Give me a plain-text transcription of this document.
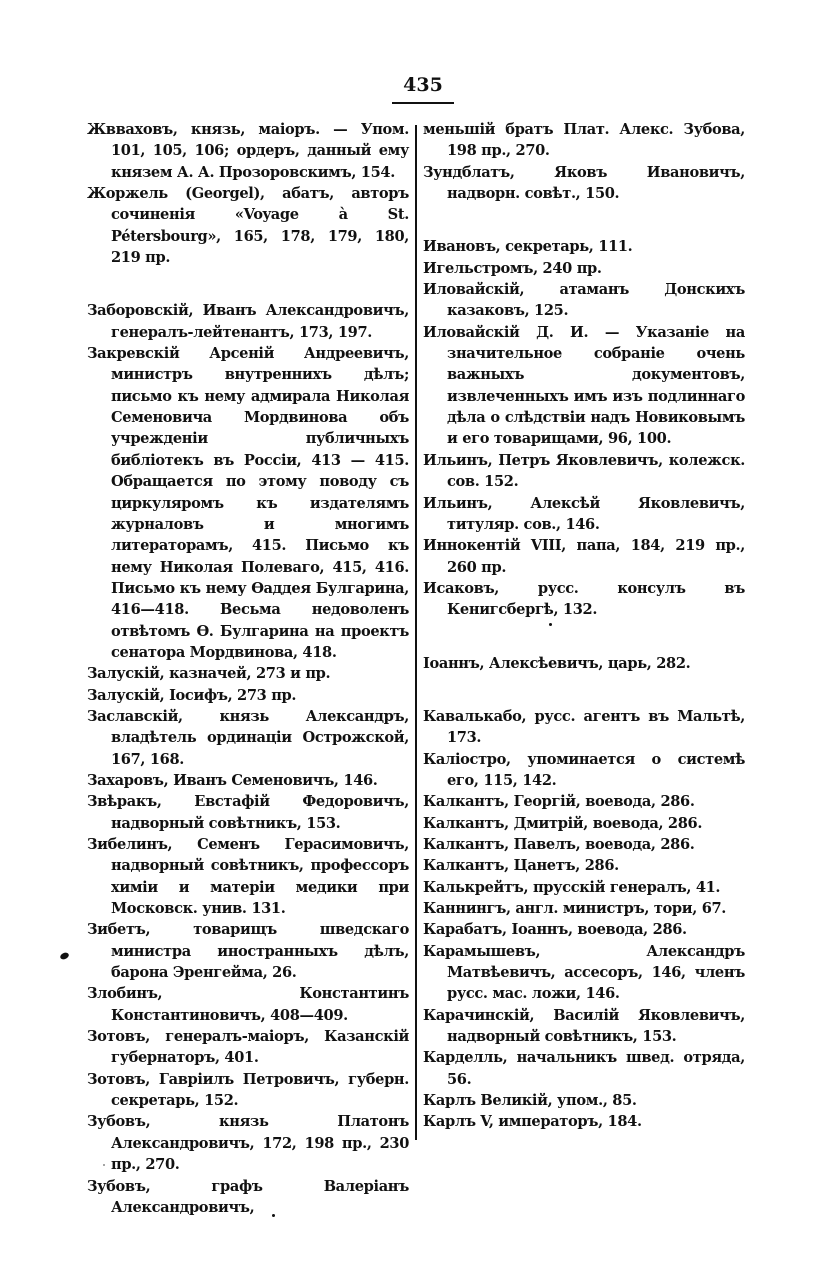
435
Жвваховъ, князь, маіоръ. — Упом. 101, 105, 106; ордеръ, данный ему князем А. А. Прозоровскимъ, 154.
Жоржель (Georgel), абатъ, авторъ сочиненія «Voyage à St. Pétersbourg», 165, 178, 179, 180, 219 пр.
Заборовскій, Иванъ Александровичъ, генералъ-лейтенантъ, 173, 197.
Закревскій Арсеній Андреевичъ, министръ внутреннихъ дѣлъ; письмо къ нему адмирала Николая Семеновича Мордвинова объ учрежденіи публичныхъ библіотекъ въ Россіи, 413 — 415. Обращается по этому поводу съ циркуляромъ къ издателямъ журналовъ и многимъ литераторамъ, 415. Письмо къ нему Николая Полеваго, 415, 416. Письмо къ нему Ѳаддея Булгарина, 416—418. Весьма недоволенъ отвѣтомъ Ѳ. Булгарина на проектъ сенатора Мордвинова, 418.
Залускій, казначей, 273 и пр.
Залускій, Іосифъ, 273 пр.
Заславскій, князь Александръ, владѣтель ординаціи Острожской, 167, 168.
Захаровъ, Иванъ Семеновичъ, 146.
Звѣракъ, Евстафій Федоровичъ, надворный совѣтникъ, 153.
Зибелинъ, Семенъ Герасимовичъ, надворный совѣтникъ, профессоръ химіи и матеріи медики при Московск. унив. 131.
Зибетъ, товарищъ шведскаго министра иностранныхъ дѣлъ, барона Эренгейма, 26.
Злобинъ, Константинъ Константиновичъ, 408—409.
Зотовъ, генералъ-маіоръ, Казанскій губернаторъ, 401.
Зотовъ, Гавріилъ Петровичъ, губерн. секретарь, 152.
Зубовъ, князь Платонъ Александровичъ, 172, 198 пр., 230 пр., 270.
Зубовъ, графъ Валеріанъ Александровичъ,
меньшій братъ Плат. Алекс. Зубова, 198 пр., 270.
Зундблатъ, Яковъ Ивановичъ, надворн. совѣт., 150.
Ивановъ, секретарь, 111.
Игельстромъ, 240 пр.
Иловайскій, атаманъ Донскихъ казаковъ, 125.
Иловайскій Д. И. — Указаніе на значительное собраніе очень важныхъ документовъ, извлеченныхъ имъ изъ подлиннаго дѣла о слѣдствіи надъ Новиковымъ и его товарищами, 96, 100.
Ильинъ, Петръ Яковлевичъ, колежск. сов. 152.
Ильинъ, Алексѣй Яковлевичъ, титуляр. сов., 146.
Иннокентій VIII, папа, 184, 219 пр., 260 пр.
Исаковъ, русс. консулъ въ Кенигсбергѣ, 132.
Іоаннъ, Алексѣевичъ, царь, 282.
Кавалькабо, русс. агентъ въ Мальтѣ, 173.
Каліостро, упоминается о системѣ его, 115, 142.
Калкантъ, Георгій, воевода, 286.
Калкантъ, Дмитрій, воевода, 286.
Калкантъ, Павелъ, воевода, 286.
Калкантъ, Цанетъ, 286.
Калькрейтъ, прусскій генералъ, 41.
Каннингъ, англ. министръ, тори, 67.
Карабатъ, Іоаннъ, воевода, 286.
Карамышевъ, Александръ Матвѣевичъ, ассесоръ, 146, членъ русс. мас. ложи, 146.
Карачинскій, Василій Яковлевичъ, надворный совѣтникъ, 153.
Карделль, начальникъ швед. отряда, 56.
Карлъ Великій, упом., 85.
Карлъ V, императоръ, 184.
